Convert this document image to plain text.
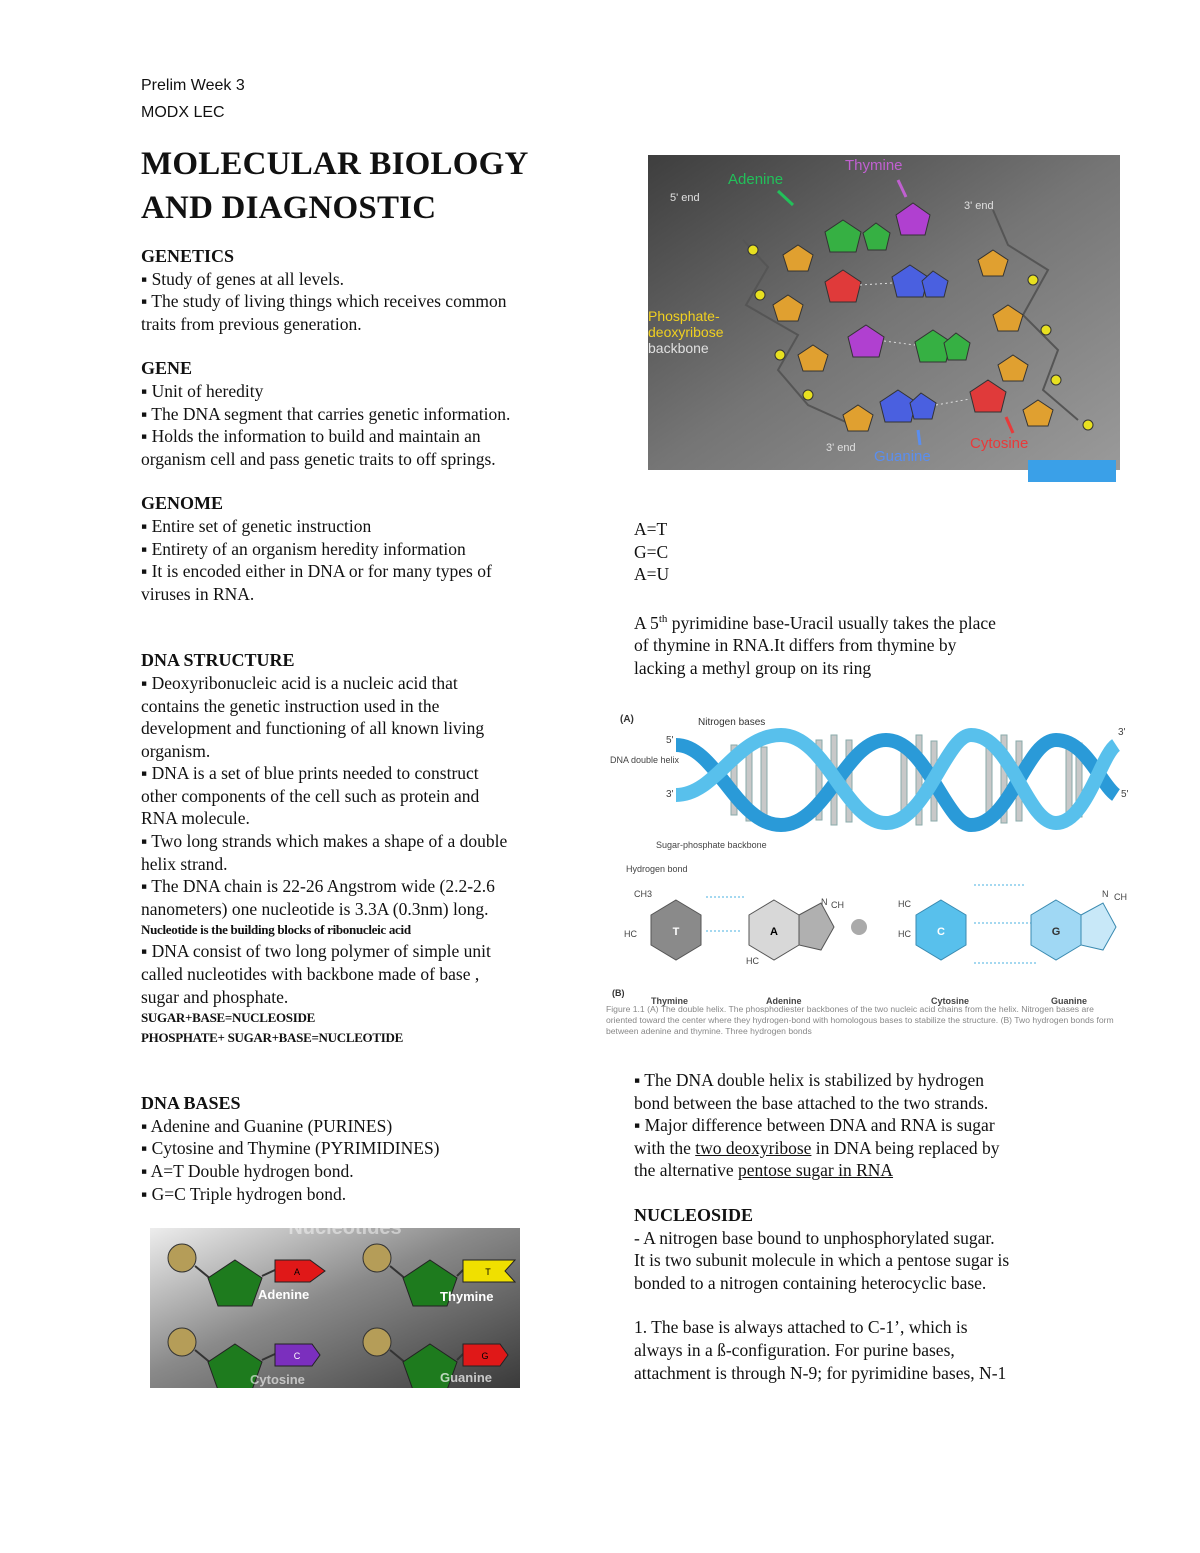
Prelim Week 3
MODX LEC
MOLECULAR BIOLOGY
AND DIAGNOSTIC

GENETICS

▪ Study of genes at all levels.

▪ The study of living things which receives common

traits from previous generation.

GENE

▪ Unit of heredity

▪ The DNA segment that carries genetic information.

▪ Holds the information to build and maintain an

organism cell and pass genetic traits to off springs.

GENOME

▪ Entire set of genetic instruction

▪ Entirety of an organism heredity information

▪ It is encoded either in DNA or for many types of

viruses in RNA.

DNA STRUCTURE

▪ Deoxyribonucleic acid is a nucleic acid that

contains the genetic instruction used in the

development and functioning of all known living

organism.

▪ DNA is a set of blue prints needed to construct

other components of the cell such as protein and

RNA molecule.

▪ Two long strands which makes a shape of a double

helix strand.

▪ The DNA chain is 22-26 Angstrom wide (2.2-2.6

nanometers) one nucleotide is 3.3A (0.3nm) long.

Nucleotide is the building blocks of ribonucleic acid

▪ DNA consist of two long polymer of simple unit

called nucleotides with backbone made of base ,

sugar and phosphate.

SUGAR+BASE=NUCLEOSIDE

PHOSPHATE+ SUGAR+BASE=NUCLEOTIDE

DNA BASES

▪ Adenine and Guanine (PURINES)

▪ Cytosine and Thymine (PYRIMIDINES)

▪ A=T Double hydrogen bond.

▪ G=C Triple hydrogen bond.

Nucleotides
A
Adenine
T
Thymine
C
Cytosine
G
Guanine
Adenine
Thymine
5' end
3' end
Phosphate-
deoxyribose
backbone
3' end Guanine
Cytosine

A=T

G=C

A=U

A 5th pyrimidine base-Uracil usually takes the place

of thymine in RNA.It differs from thymine by

lacking a methyl group on its ring

(A)	Nitrogen bases
DNA double helix
5'
3'
3'
5'
Sugar-phosphate backbone
Hydrogen bond
T
CH3
HC	A
N CH
HC
C
HC
HC	G
N CH
(B)
Thymine	Adenine	Cytosine	Guanine
Figure 1.1 (A) The double helix. The phosphodiester backbones of the two nucleic acid chains from the helix. Nitrogen bases are oriented toward the center where they hydrogen-bond with homologous bases to stabilize the structure. (B) Two hydrogen bonds form between adenine and thymine. Three hydrogen bonds

▪ The DNA double helix is stabilized by hydrogen

bond between the base attached to the two strands.

▪ Major difference between DNA and RNA is sugar

with the two deoxyribose in DNA being replaced by

the alternative pentose sugar in RNA

NUCLEOSIDE

- A nitrogen base bound to unphosphorylated sugar.

It is two subunit molecule in which a pentose sugar is

bonded to a nitrogen containing heterocyclic base.

1. The base is always attached to C-1’, which is

always in a ß-configuration. For purine bases,

attachment is through N-9; for pyrimidine bases, N-1
